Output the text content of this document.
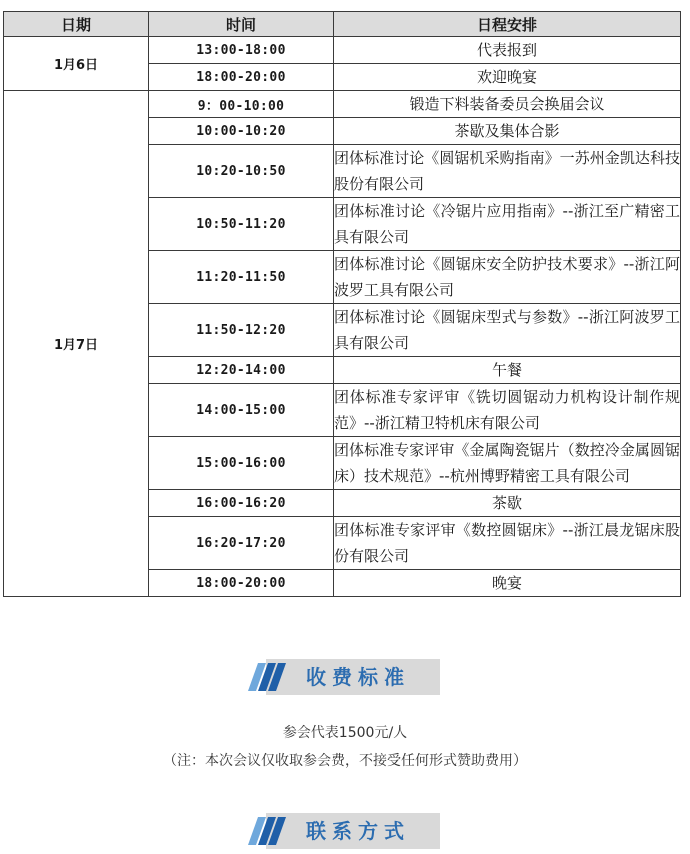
日期	时间	日程安排
1月6日	13:00-18:00	代表报到
	18:00-20:00	欢迎晚宴
1月7日	9：00-10:00	锻造下料装备委员会换届会议
	10:00-10:20	茶歇及集体合影
	10:20-10:50	团体标准讨论《圆锯机采购指南》一苏州金凯达科技股份有限公司
	10:50-11:20	团体标准讨论《冷锯片应用指南》--浙江至广精密工具有限公司
	11:20-11:50	团体标准讨论《圆锯床安全防护技术要求》--浙江阿波罗工具有限公司
	11:50-12:20	团体标准讨论《圆锯床型式与参数》--浙江阿波罗工具有限公司
	12:20-14:00	午餐
	14:00-15:00	团体标准专家评审《铣切圆锯动力机构设计制作规范》--浙江精卫特机床有限公司
	15:00-16:00	团体标准专家评审《金属陶瓷锯片（数控冷金属圆锯床）技术规范》--杭州博野精密工具有限公司
	16:00-16:20	茶歇
	16:20-17:20	团体标准专家评审《数控圆锯床》--浙江晨龙锯床股份有限公司
	18:00-20:00	晚宴
收费标准
参会代表1500元/人
（注：本次会议仅收取参会费，不接受任何形式赞助费用）
联系方式
